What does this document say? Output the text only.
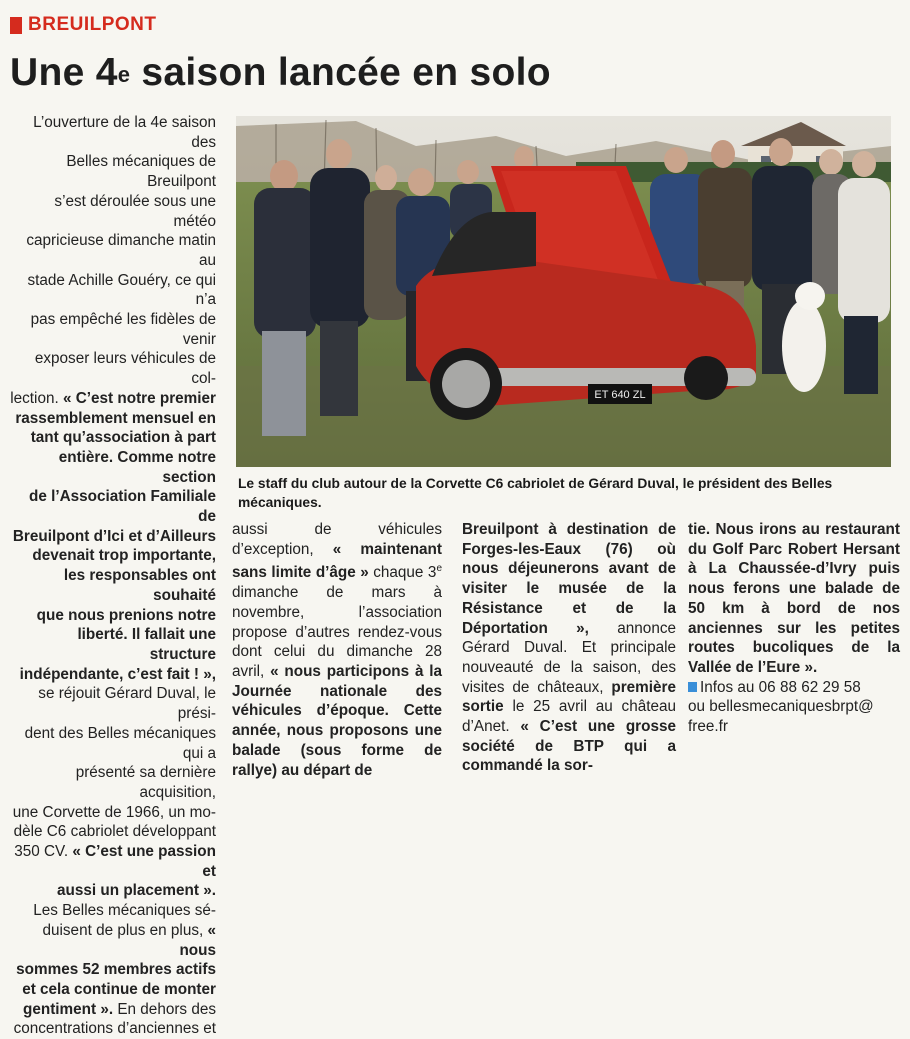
BREUILPONT
Une 4e saison lancée en solo

L’ouverture de la 4e saison des
Belles mécaniques de Breuilpont
s’est déroulée sous une météo
capricieuse dimanche matin au
stade Achille Gouéry, ce qui n’a
pas empêché les fidèles de venir
exposer leurs véhicules de col-
lection. « C’est notre premier
rassemblement mensuel en
tant qu’association à part
entière. Comme notre section
de l’Association Familiale de
Breuilpont d’Ici et d’Ailleurs
devenait trop importante,
les responsables ont souhaité
que nous prenions notre
liberté. Il fallait une structure
indépendante, c’est fait ! »,
se réjouit Gérard Duval, le prési-
dent des Belles mécaniques qui a
présenté sa dernière acquisition,
une Corvette de 1966, un mo-
dèle C6 cabriolet développant
350 CV. « C’est une passion et
aussi un placement ».

Les Belles mécaniques sé-
duisent de plus en plus, « nous
sommes 52 membres actifs
et cela continue de monter
gentiment ». En dehors des
concentrations d’anciennes et

ET 640 ZL
Le staff du club autour de la Corvette C6 cabriolet de Gérard Duval, le président des Belles mécaniques.

aussi de véhicules d’exception, « maintenant sans limite d’âge » chaque 3e dimanche de mars à novembre, l’association propose d’autres rendez-vous dont celui du dimanche 28 avril, « nous participons à la Journée nationale des véhicules d’époque. Cette année, nous proposons une balade (sous forme de rallye) au départ de

Breuilpont à destination de Forges-les-Eaux (76) où nous déjeunerons avant de visiter le musée de la Résistance et de la Déportation », annonce Gérard Duval. Et principale nouveauté de la saison, des visites de châteaux, première sortie le 25 avril au château d’Anet. « C’est une grosse société de BTP qui a commandé la sor-

tie. Nous irons au restaurant du Golf Parc Robert Hersant à La Chaussée-d’Ivry puis nous ferons une balade de 50 km à bord de nos anciennes sur les petites routes bucoliques de la Vallée de l’Eure ».

Infos au 06 88 62 29 58
ou bellesmecaniquesbrpt@
free.fr
